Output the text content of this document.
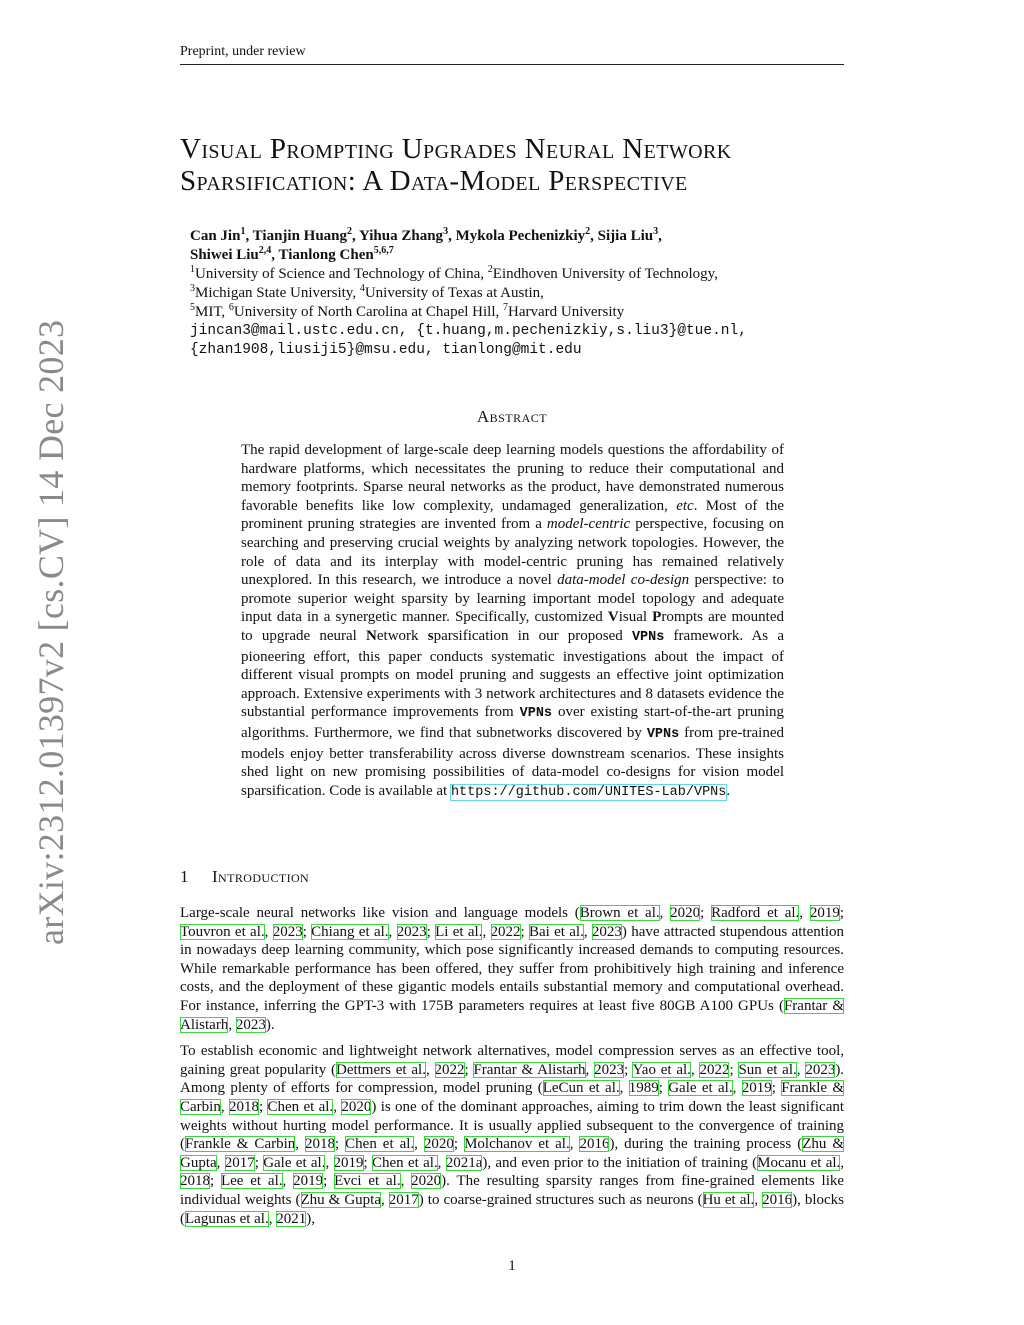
Preprint, under review
arXiv:2312.01397v2 [cs.CV] 14 Dec 2023
Visual Prompting Upgrades Neural Network
Sparsification: A Data-Model Perspective
Can Jin$^1$, Tianjin Huang$^2$, Yihua Zhang$^3$, Mykola Pechenizkiy$^2$, Sijia Liu$^3$,
Shiwei Liu$^{2,4}$, Tianlong Chen$^{5,6,7}$
$^1$University of Science and Technology of China, $^2$Eindhoven University of Technology,
$^3$Michigan State University, $^4$University of Texas at Austin,
$^5$MIT, $^6$University of North Carolina at Chapel Hill, $^7$Harvard University
jincan3@mail.ustc.edu.cn, {t.huang,m.pechenizkiy,s.liu3}@tue.nl,
{zhan1908,liusiji5}@msu.edu, tianlong@mit.edu
Abstract
The rapid development of large-scale deep learning models questions the affordability of hardware platforms, which necessitates the pruning to reduce their computational and memory footprints. Sparse neural networks as the product, have demonstrated numerous favorable benefits like low complexity, undamaged generalization, etc. Most of the prominent pruning strategies are invented from a model-centric perspective, focusing on searching and preserving crucial weights by analyzing network topologies. However, the role of data and its interplay with model-centric pruning has remained relatively unexplored. In this research, we introduce a novel data-model co-design perspective: to promote superior weight sparsity by learning important model topology and adequate input data in a synergetic manner. Specifically, customized Visual Prompts are mounted to upgrade neural Network sparsification in our proposed VPNs framework. As a pioneering effort, this paper conducts systematic investigations about the impact of different visual prompts on model pruning and suggests an effective joint optimization approach. Extensive experiments with 3 network architectures and 8 datasets evidence the substantial performance improvements from VPNs over existing start-of-the-art pruning algorithms. Furthermore, we find that subnetworks discovered by VPNs from pre-trained models enjoy better transferability across diverse downstream scenarios. These insights shed light on new promising possibilities of data-model co-designs for vision model sparsification. Code is available at https://github.com/UNITES-Lab/VPNs.
1 Introduction

Large-scale neural networks like vision and language models (Brown et al., 2020; Radford et al., 2019; Touvron et al., 2023; Chiang et al., 2023; Li et al., 2022; Bai et al., 2023) have attracted stupendous attention in nowadays deep learning community, which pose significantly increased demands to computing resources. While remarkable performance has been offered, they suffer from prohibitively high training and inference costs, and the deployment of these gigantic models entails substantial memory and computational overhead. For instance, inferring the GPT-3 with 175B parameters requires at least five 80GB A100 GPUs (Frantar & Alistarh, 2023).

To establish economic and lightweight network alternatives, model compression serves as an effective tool, gaining great popularity (Dettmers et al., 2022; Frantar & Alistarh, 2023; Yao et al., 2022; Sun et al., 2023). Among plenty of efforts for compression, model pruning (LeCun et al., 1989; Gale et al., 2019; Frankle & Carbin, 2018; Chen et al., 2020) is one of the dominant approaches, aiming to trim down the least significant weights without hurting model performance. It is usually applied subsequent to the convergence of training (Frankle & Carbin, 2018; Chen et al., 2020; Molchanov et al., 2016), during the training process (Zhu & Gupta, 2017; Gale et al., 2019; Chen et al., 2021a), and even prior to the initiation of training (Mocanu et al., 2018; Lee et al., 2019; Evci et al., 2020). The resulting sparsity ranges from fine-grained elements like individual weights (Zhu & Gupta, 2017) to coarse-grained structures such as neurons (Hu et al., 2016), blocks (Lagunas et al., 2021),

1
